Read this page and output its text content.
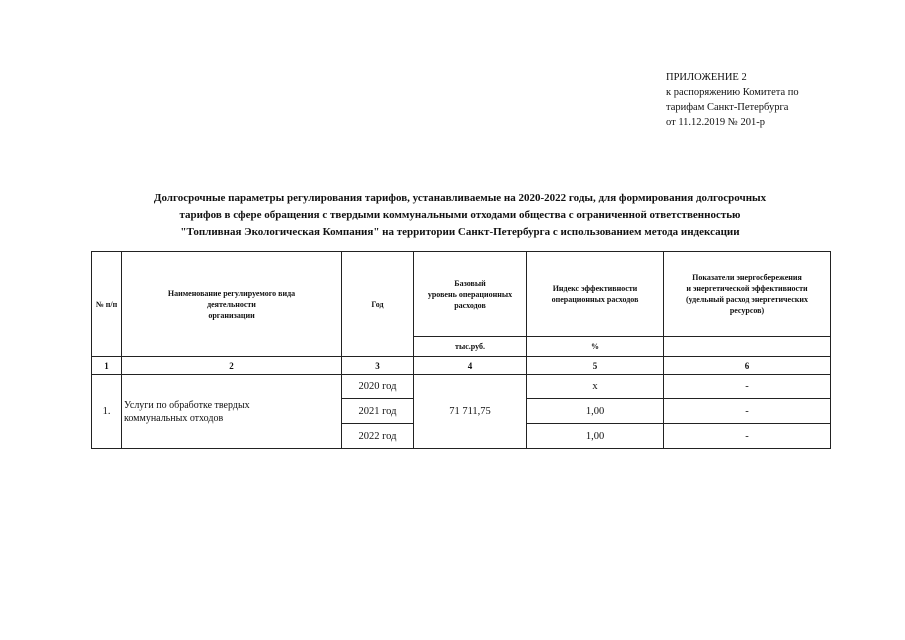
ПРИЛОЖЕНИЕ 2
к распоряжению Комитета по
тарифам Санкт-Петербурга
от 11.12.2019 № 201-р
Долгосрочные параметры регулирования тарифов, устанавливаемые на 2020-2022 годы, для формирования долгосрочных
тарифов в сфере обращения с твердыми коммунальными отходами общества с ограниченной ответственностью
"Топливная Экологическая Компания" на территории Санкт-Петербурга с использованием метода индексации
№ п/п	Наименование регулируемого вида
деятельности
организации	Год	Базовый
уровень операционных
расходов	Индекс эффективности
операционных расходов	Показатели энергосбережения
и энергетической эффективности
(удельный расход энергетических
ресурсов)

			тыс.руб.	%	
1	2	3	4	5	6
1.	Услуги по обработке твердых
коммунальных отходов	2020 год	71 711,75	х	-
		2021 год		1,00	-
		2022 год		1,00	-
